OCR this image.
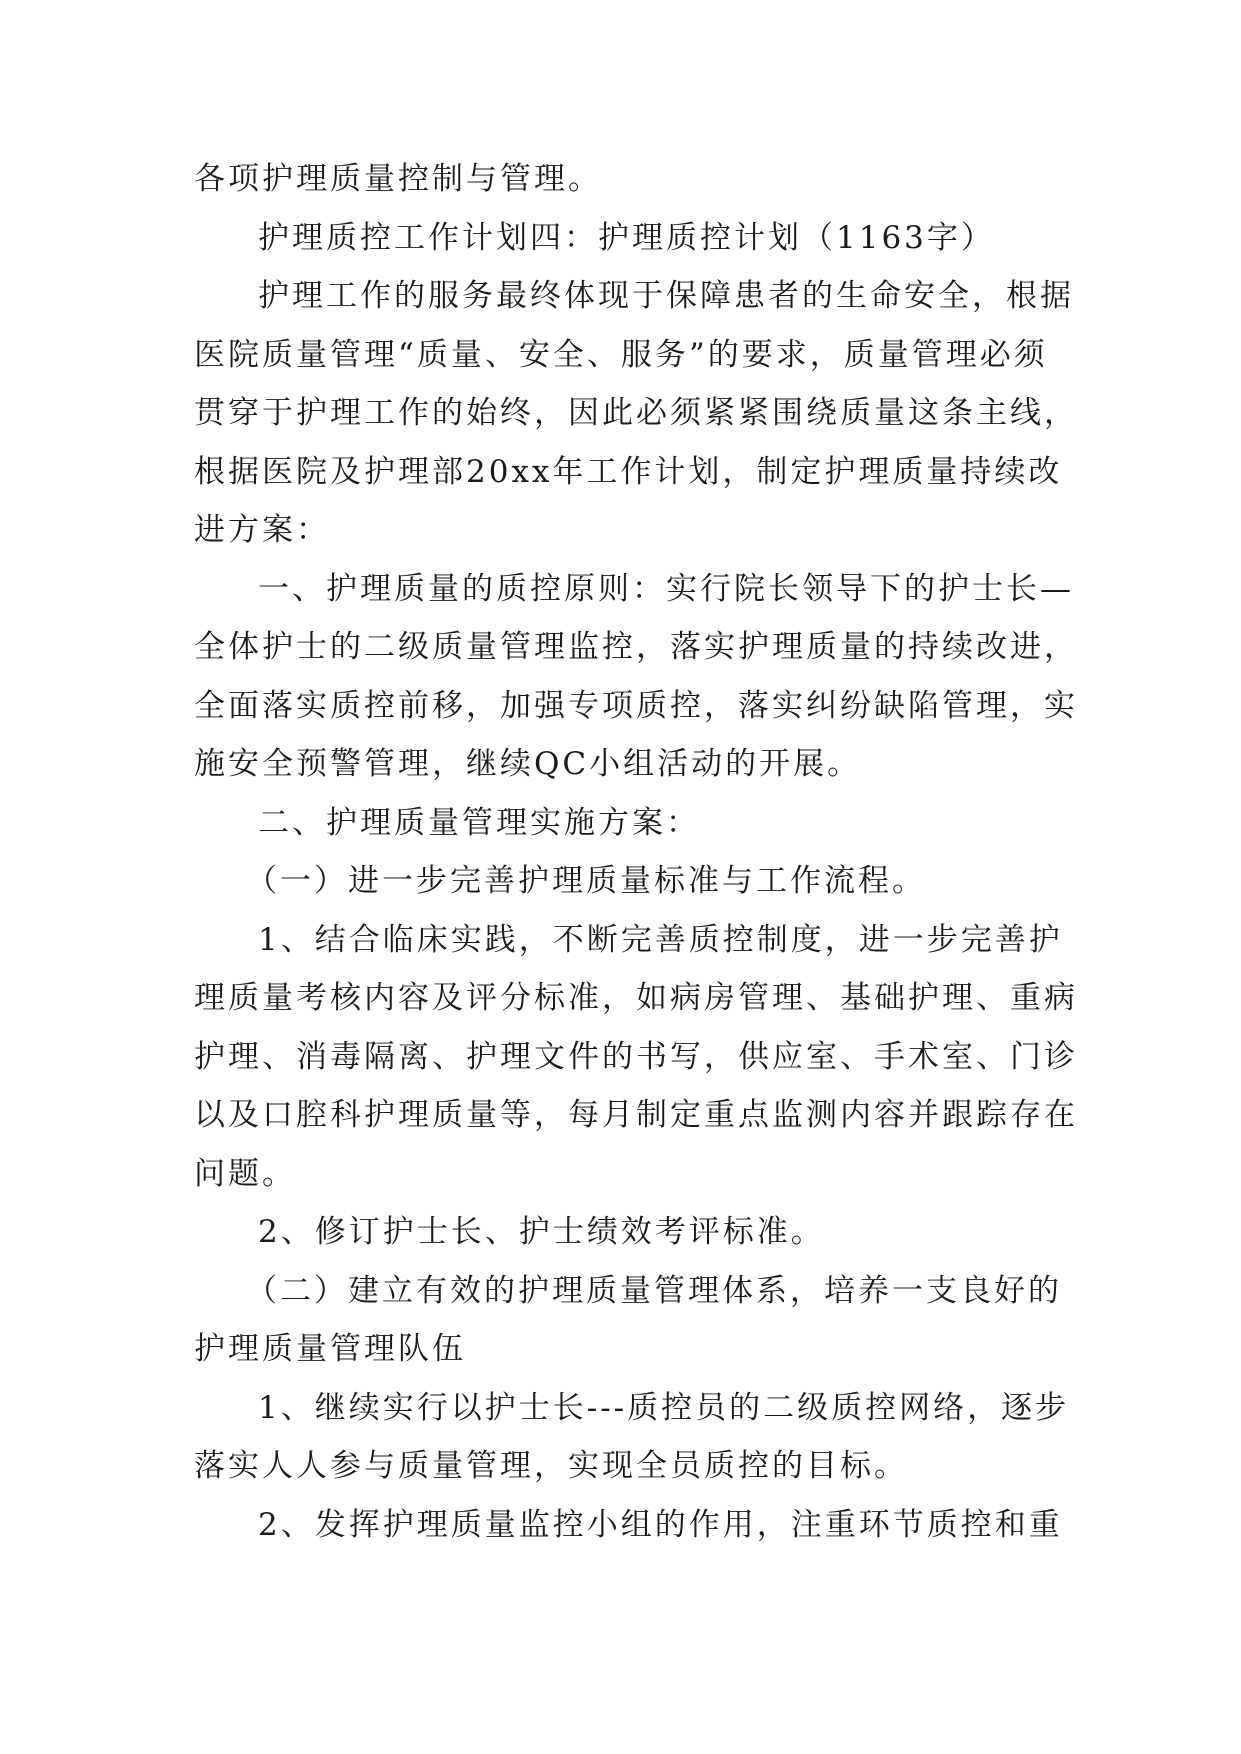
各项护理质量控制与管理。
护理质控工作计划四：护理质控计划（1163字）
护理工作的服务最终体现于保障患者的生命安全，根据
医院质量管理“质量、安全、服务”的要求，质量管理必须
贯穿于护理工作的始终，因此必须紧紧围绕质量这条主线，
根据医院及护理部20xx年工作计划，制定护理质量持续改
进方案：
一、护理质量的质控原则：实行院长领导下的护士长—
全体护士的二级质量管理监控，落实护理质量的持续改进，
全面落实质控前移，加强专项质控，落实纠纷缺陷管理，实
施安全预警管理，继续QC小组活动的开展。
二、护理质量管理实施方案：
（一）进一步完善护理质量标准与工作流程。
1、结合临床实践，不断完善质控制度，进一步完善护
理质量考核内容及评分标准，如病房管理、基础护理、重病
护理、消毒隔离、护理文件的书写，供应室、手术室、门诊
以及口腔科护理质量等，每月制定重点监测内容并跟踪存在
问题。
2、修订护士长、护士绩效考评标准。
（二）建立有效的护理质量管理体系，培养一支良好的
护理质量管理队伍
1、继续实行以护士长---质控员的二级质控网络，逐步
落实人人参与质量管理，实现全员质控的目标。
2、发挥护理质量监控小组的作用，注重环节质控和重
